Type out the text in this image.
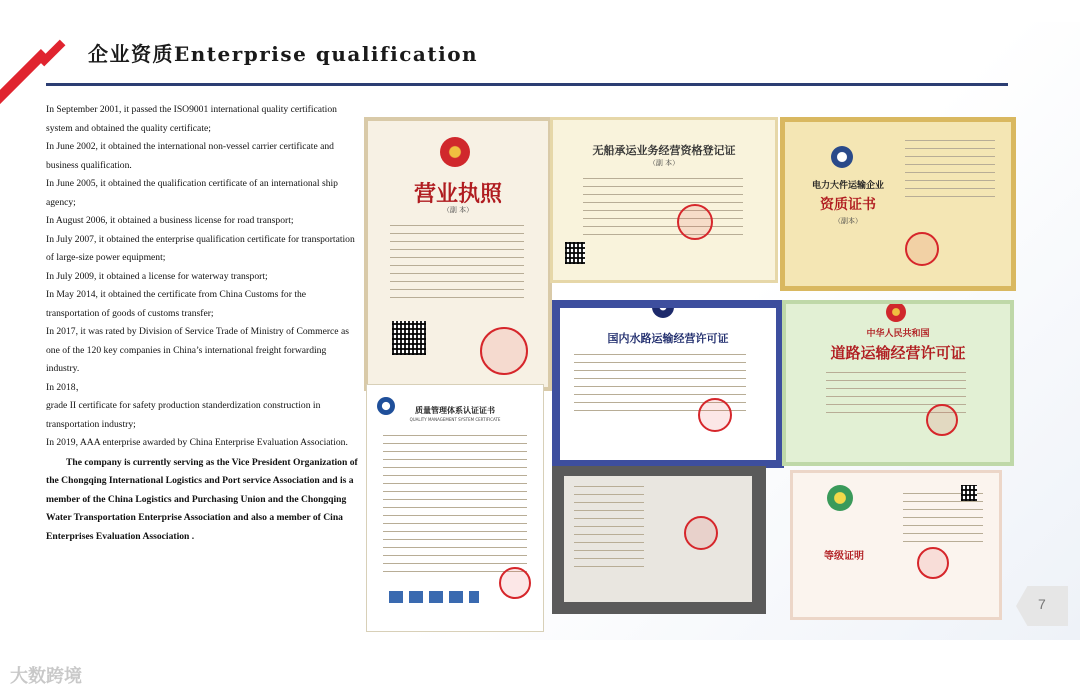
企业资质Enterprise qualification

In September 2001, it passed the ISO9001 international quality certification system and obtained the quality certificate;

In June 2002, it obtained the international non-vessel carrier certificate and business qualification.

In June 2005, it obtained the qualification certificate of an international ship agency;

In August 2006, it obtained a business license for road transport;

In July 2007, it obtained the enterprise qualification certificate for transportation of large-size power equipment;

In July 2009, it obtained a license for waterway transport;

In May 2014, it obtained the certificate from China Customs for the transportation of goods of customs transfer;

In 2017, it was rated by Division of Service Trade of Ministry of Commerce as one of the 120 key companies in China’s international freight forwarding industry.

In 2018，

grade II certificate for safety production standerdization construction in transportation industry;

In 2019, AAA enterprise awarded by China Enterprise Evaluation Association.

The company is currently serving as the Vice President Organization of the Chongqing International Logistics and Port service Association and is a member of the China Logistics and Purchasing Union and the Chongqing Water Transportation Enterprise Association and also a member of Cina Enterprises Evaluation Association .

营业执照
（副 本）
无船承运业务经营资格登记证
（副 本）
电力大件运输企业
资质证书
（副本）
质量管理体系认证证书
QUALITY MANAGEMENT SYSTEM CERTIFICATE
国内水路运输经营许可证	中华人民共和国
道路运输经营许可证
等级证明
7
大数跨境
